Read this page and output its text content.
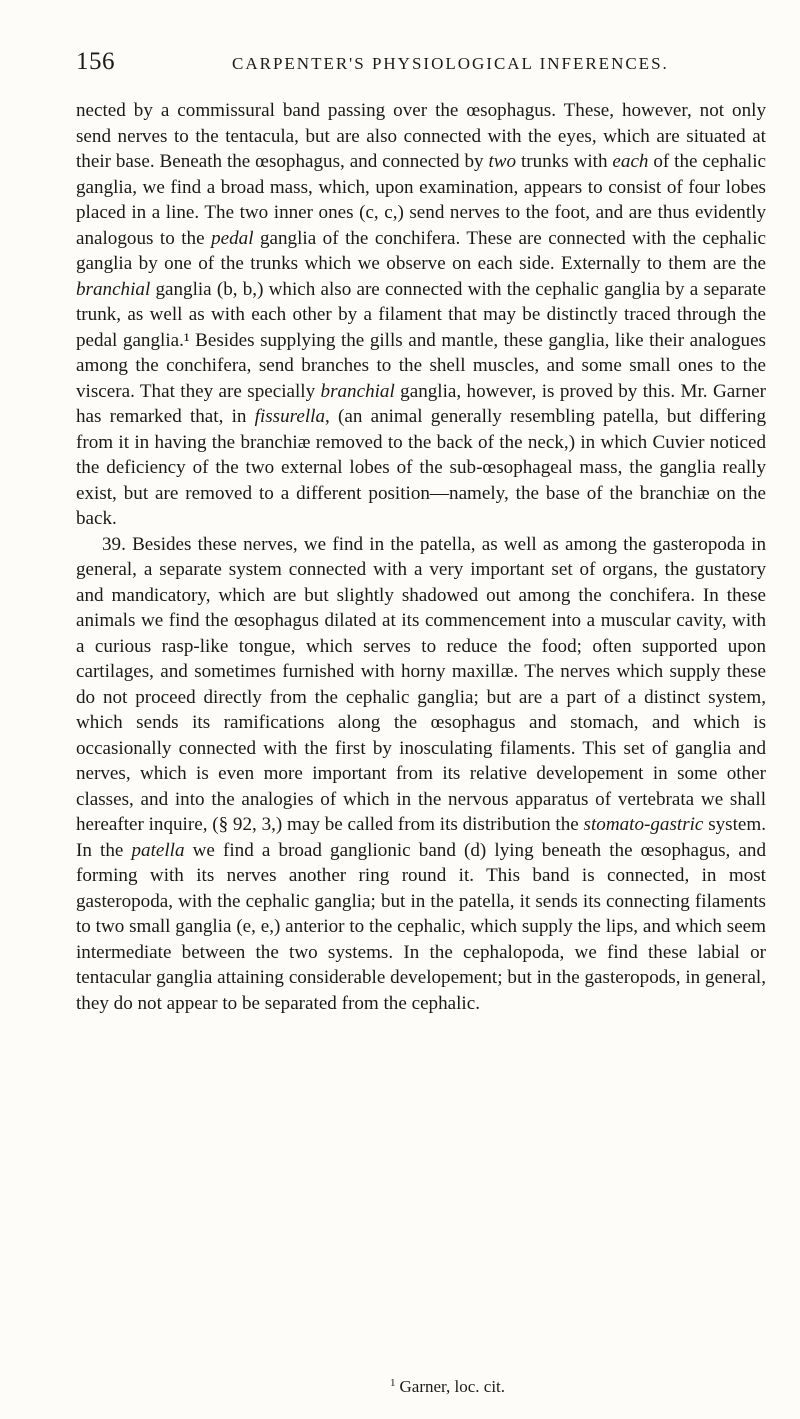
156	CARPENTER'S PHYSIOLOGICAL INFERENCES.

nected by a commissural band passing over the œsophagus. These, however, not only send nerves to the tentacula, but are also connected with the eyes, which are situated at their base. Beneath the œsophagus, and connected by two trunks with each of the cephalic ganglia, we find a broad mass, which, upon examination, appears to consist of four lobes placed in a line. The two inner ones (c, c,) send nerves to the foot, and are thus evidently analogous to the pedal ganglia of the conchifera. These are connected with the cephalic ganglia by one of the trunks which we observe on each side. Externally to them are the branchial ganglia (b, b,) which also are connected with the cephalic ganglia by a separate trunk, as well as with each other by a filament that may be distinctly traced through the pedal ganglia.¹ Besides supplying the gills and mantle, these ganglia, like their analogues among the conchifera, send branches to the shell muscles, and some small ones to the viscera. That they are specially branchial ganglia, however, is proved by this. Mr. Garner has remarked that, in fissurella, (an animal generally resembling patella, but differing from it in having the branchiæ removed to the back of the neck,) in which Cuvier noticed the deficiency of the two external lobes of the sub-œsophageal mass, the ganglia really exist, but are removed to a different position—namely, the base of the branchiæ on the back.

39. Besides these nerves, we find in the patella, as well as among the gasteropoda in general, a separate system connected with a very important set of organs, the gustatory and mandicatory, which are but slightly shadowed out among the conchifera. In these animals we find the œsophagus dilated at its commencement into a muscular cavity, with a curious rasp-like tongue, which serves to reduce the food; often supported upon cartilages, and sometimes furnished with horny maxillæ. The nerves which supply these do not proceed directly from the cephalic ganglia; but are a part of a distinct system, which sends its ramifications along the œsophagus and stomach, and which is occasionally connected with the first by inosculating filaments. This set of ganglia and nerves, which is even more important from its relative developement in some other classes, and into the analogies of which in the nervous apparatus of vertebrata we shall hereafter inquire, (§ 92, 3,) may be called from its distribution the stomato-gastric system. In the patella we find a broad ganglionic band (d) lying beneath the œsophagus, and forming with its nerves another ring round it. This band is connected, in most gasteropoda, with the cephalic ganglia; but in the patella, it sends its connecting filaments to two small ganglia (e, e,) anterior to the cephalic, which supply the lips, and which seem intermediate between the two systems. In the cephalopoda, we find these labial or tentacular ganglia attaining considerable developement; but in the gasteropods, in general, they do not appear to be separated from the cephalic.

$^1$ Garner, loc. cit.
